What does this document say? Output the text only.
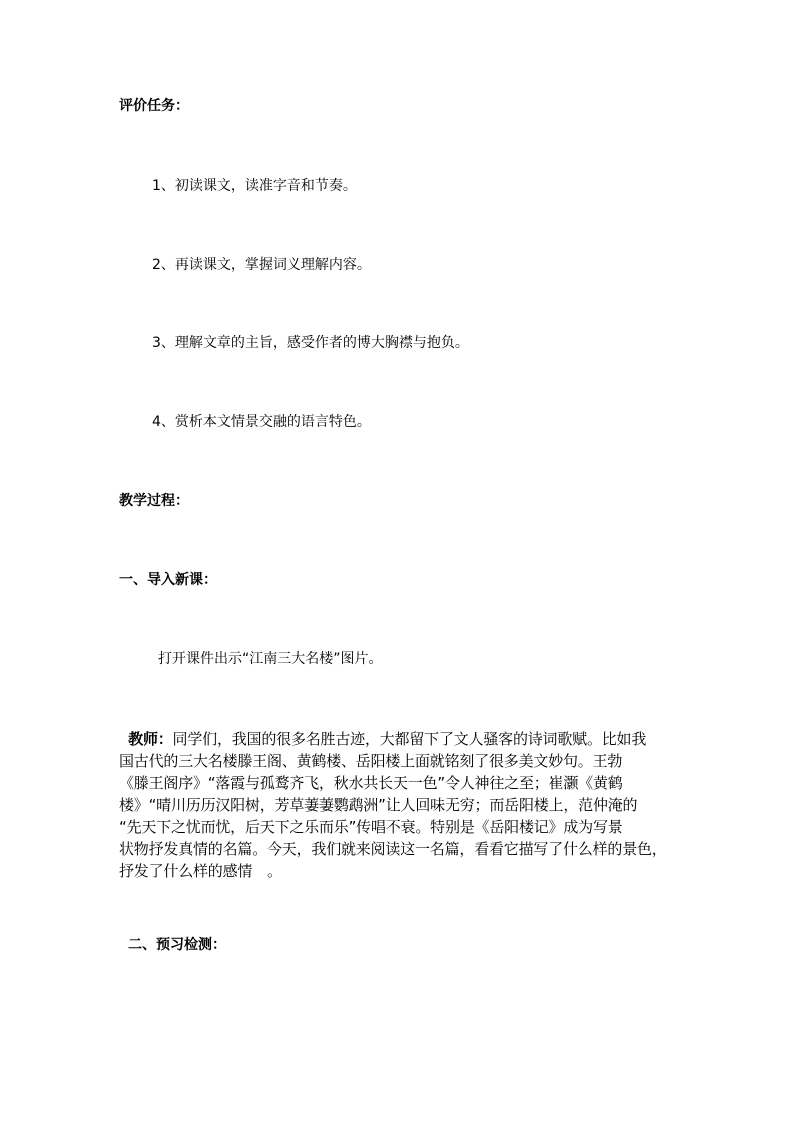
评价任务：

1、初读课文，读准字音和节奏。

2、再读课文，掌握词义理解内容。

3、理解文章的主旨，感受作者的博大胸襟与抱负。

4、赏析本文情景交融的语言特色。

教学过程：

一、导入新课：

打开课件出示“江南三大名楼”图片。

教师：同学们，我国的很多名胜古迹，大都留下了文人骚客的诗词歌赋。比如我
国古代的三大名楼滕王阁、黄鹤楼、岳阳楼上面就铭刻了很多美文妙句。王勃
《滕王阁序》“落霞与孤鹜齐飞，秋水共长天一色”令人神往之至；崔灏《黄鹤
楼》“晴川历历汉阳树，芳草萋萋鹦鹉洲”让人回味无穷；而岳阳楼上，范仲淹的
“先天下之忧而忧，后天下之乐而乐”传唱不衰。特别是《岳阳楼记》成为写景
状物抒发真情的名篇。今天，我们就来阅读这一名篇，看看它描写了什么样的景色，
抒发了什么样的感情　。

二、预习检测：
